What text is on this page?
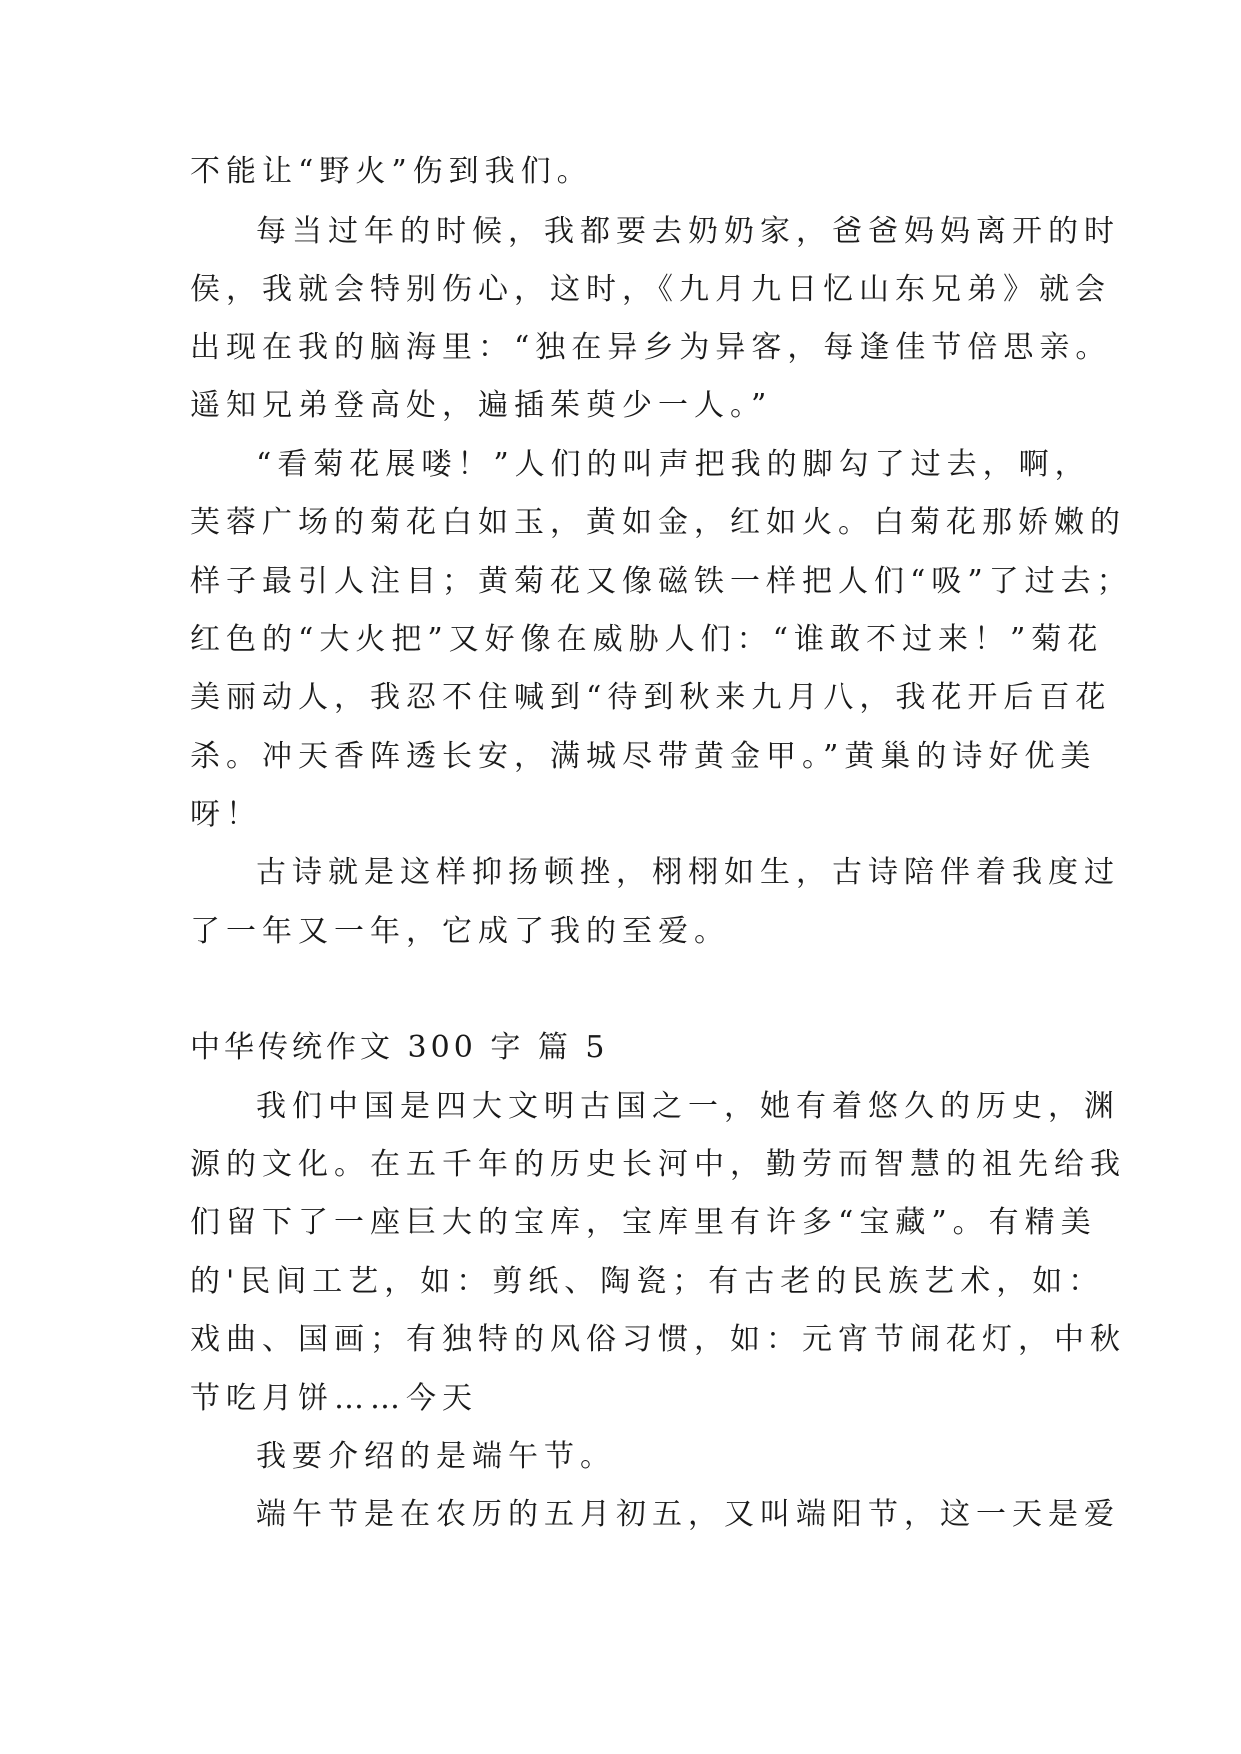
不能让“野火”伤到我们。
每当过年的时候，我都要去奶奶家，爸爸妈妈离开的时
侯，我就会特别伤心，这时，《九月九日忆山东兄弟》就会
出现在我的脑海里：“独在异乡为异客，每逢佳节倍思亲。
遥知兄弟登高处，遍插茱萸少一人。”
“看菊花展喽！”人们的叫声把我的脚勾了过去，啊，
芙蓉广场的菊花白如玉，黄如金，红如火。白菊花那娇嫩的
样子最引人注目；黄菊花又像磁铁一样把人们“吸”了过去；
红色的“大火把”又好像在威胁人们：“谁敢不过来！”菊花
美丽动人，我忍不住喊到“待到秋来九月八，我花开后百花
杀。冲天香阵透长安，满城尽带黄金甲。”黄巢的诗好优美
呀！
古诗就是这样抑扬顿挫，栩栩如生，古诗陪伴着我度过
了一年又一年，它成了我的至爱。
中华传统作文 300 字 篇 5
我们中国是四大文明古国之一，她有着悠久的历史，渊
源的文化。在五千年的历史长河中，勤劳而智慧的祖先给我
们留下了一座巨大的宝库，宝库里有许多“宝藏”。有精美
的'民间工艺，如：剪纸、陶瓷；有古老的民族艺术，如：
戏曲、国画；有独特的风俗习惯，如：元宵节闹花灯，中秋
节吃月饼……今天
我要介绍的是端午节。
端午节是在农历的五月初五，又叫端阳节，这一天是爱
